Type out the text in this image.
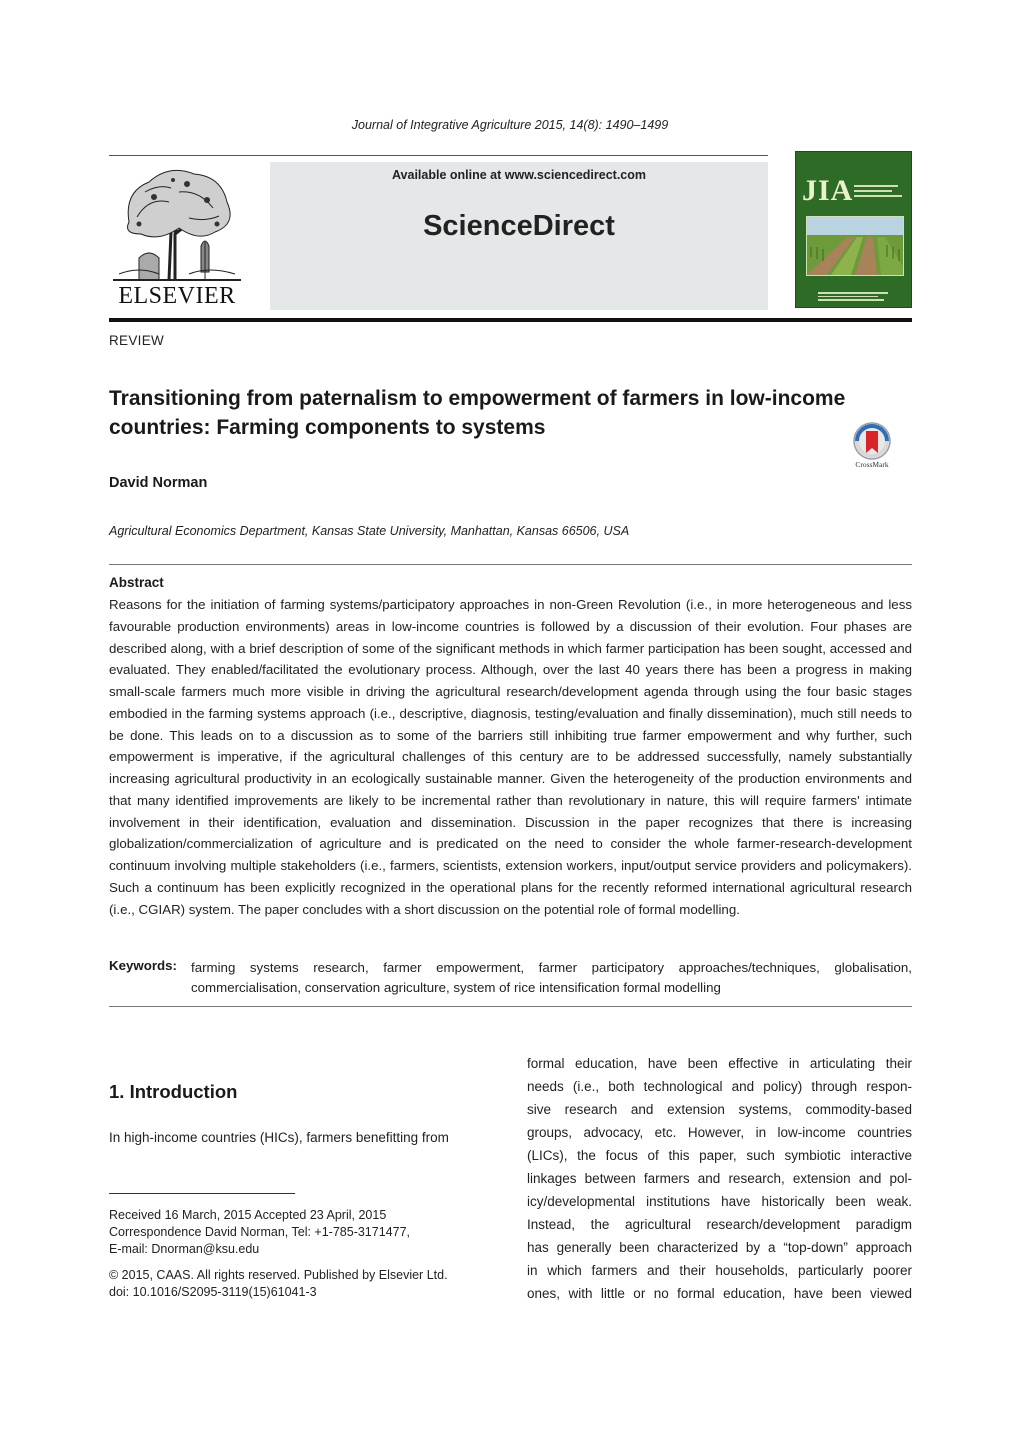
Journal of Integrative Agriculture 2015, 14(8): 1490–1499
ELSEVIER
Available online at www.sciencedirect.com
ScienceDirect
JIA
REVIEW
Transitioning from paternalism to empowerment of farmers in low-income countries: Farming components to systems
CrossMark
David Norman
Agricultural Economics Department, Kansas State University, Manhattan, Kansas 66506, USA
Abstract
Reasons for the initiation of farming systems/participatory approaches in non-Green Revolution (i.e., in more heterogeneous and less favourable production environments) areas in low-income countries is followed by a discussion of their evolution. Four phases are described along, with a brief description of some of the significant methods in which farmer participation has been sought, accessed and evaluated. They enabled/facilitated the evolutionary process. Although, over the last 40 years there has been a progress in making small-scale farmers much more visible in driving the agricultural research/development agenda through using the four basic stages embodied in the farming systems approach (i.e., descriptive, diagnosis, testing/evaluation and finally dissemination), much still needs to be done. This leads on to a discussion as to some of the barriers still inhibiting true farmer empowerment and why further, such empowerment is imperative, if the agricultural challenges of this century are to be addressed successfully, namely substantially increasing agricultural productivity in an ecologically sustainable manner. Given the heterogeneity of the production environments and that many identified improvements are likely to be incremental rather than revolutionary in nature, this will require farmers' intimate involvement in their identification, evaluation and dissemination. Discussion in the paper recognizes that there is increasing globalization/commercialization of agriculture and is predicated on the need to consider the whole farmer-research-development continuum involving multiple stakeholders (i.e., farmers, scientists, extension workers, input/output service providers and policymakers). Such a continuum has been explicitly recognized in the operational plans for the recently reformed international agricultural research (i.e., CGIAR) system. The paper concludes with a short discussion on the potential role of formal modelling.
Keywords: farming systems research, farmer empowerment, farmer participatory approaches/techniques, globalisation, commercialisation, conservation agriculture, system of rice intensification formal modelling
1. Introduction
In high-income countries (HICs), farmers benefitting from
Received 16 March, 2015 Accepted 23 April, 2015
Correspondence David Norman, Tel: +1-785-3171477,
E-mail: Dnorman@ksu.edu
© 2015, CAAS. All rights reserved. Published by Elsevier Ltd.
doi: 10.1016/S2095-3119(15)61041-3
formal education, have been effective in articulating their
needs (i.e., both technological and policy) through respon-
sive research and extension systems, commodity-based
groups, advocacy, etc. However, in low-income countries
(LICs), the focus of this paper, such symbiotic interactive
linkages between farmers and research, extension and pol-
icy/developmental institutions have historically been weak.
Instead, the agricultural research/development paradigm
has generally been characterized by a “top-down” approach
in which farmers and their households, particularly poorer
ones, with little or no formal education, have been viewed
